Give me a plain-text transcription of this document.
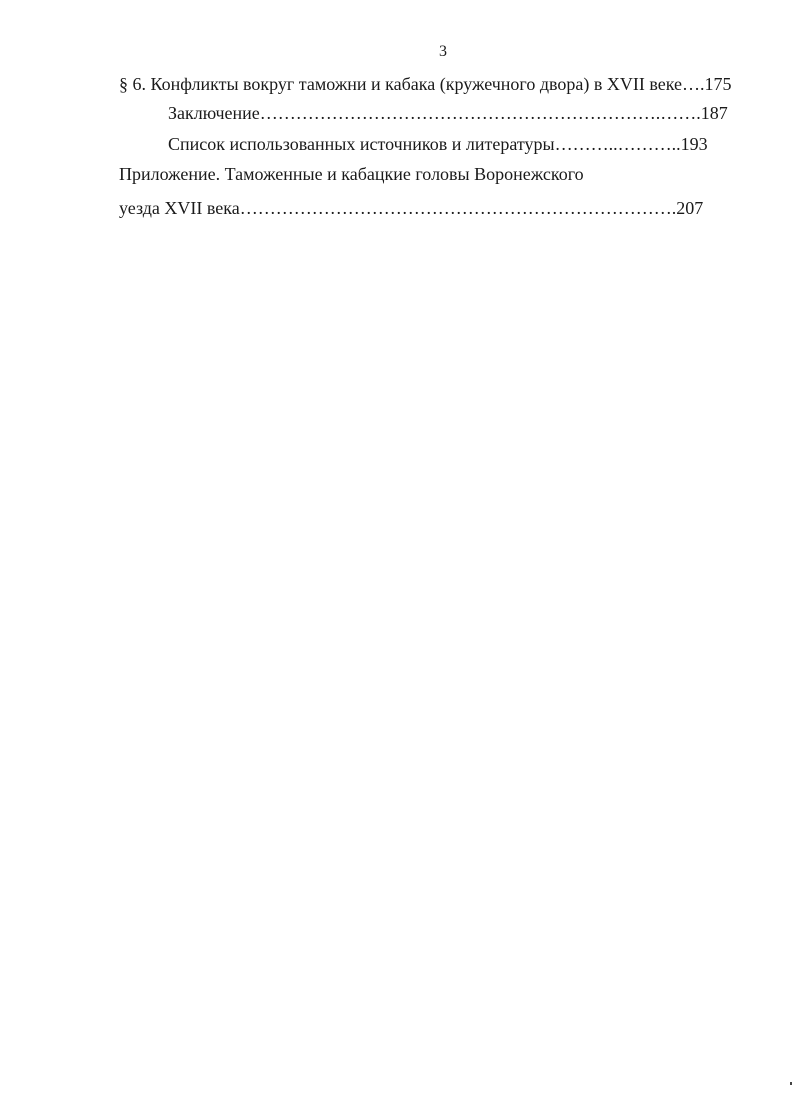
3
§ 6. Конфликты вокруг таможни и кабака (кружечного двора) в XVII веке….175
Заключение………………………………………………………….…….187
Список использованных источников и литературы………..………..193
Приложение. Таможенные и кабацкие головы Воронежского
уезда XVII века……………………………………………………………….207
